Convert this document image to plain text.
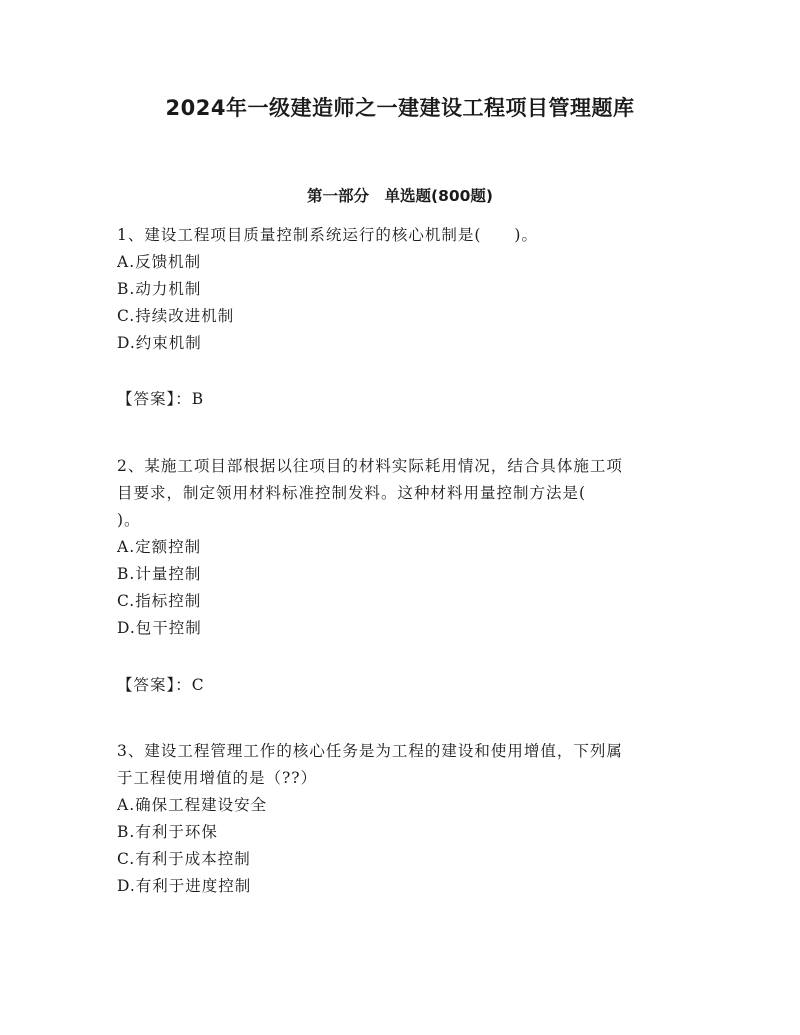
2024年一级建造师之一建建设工程项目管理题库
第一部分　单选题(800题)
1、建设工程项目质量控制系统运行的核心机制是(　　)。
A.反馈机制
B.动力机制
C.持续改进机制
D.约束机制
【答案】：B
2、某施工项目部根据以往项目的材料实际耗用情况，结合具体施工项
目要求，制定领用材料标准控制发料。这种材料用量控制方法是(
)。
A.定额控制
B.计量控制
C.指标控制
D.包干控制
【答案】：C
3、建设工程管理工作的核心任务是为工程的建设和使用增值，下列属
于工程使用增值的是（??）
A.确保工程建设安全
B.有利于环保
C.有利于成本控制
D.有利于进度控制
